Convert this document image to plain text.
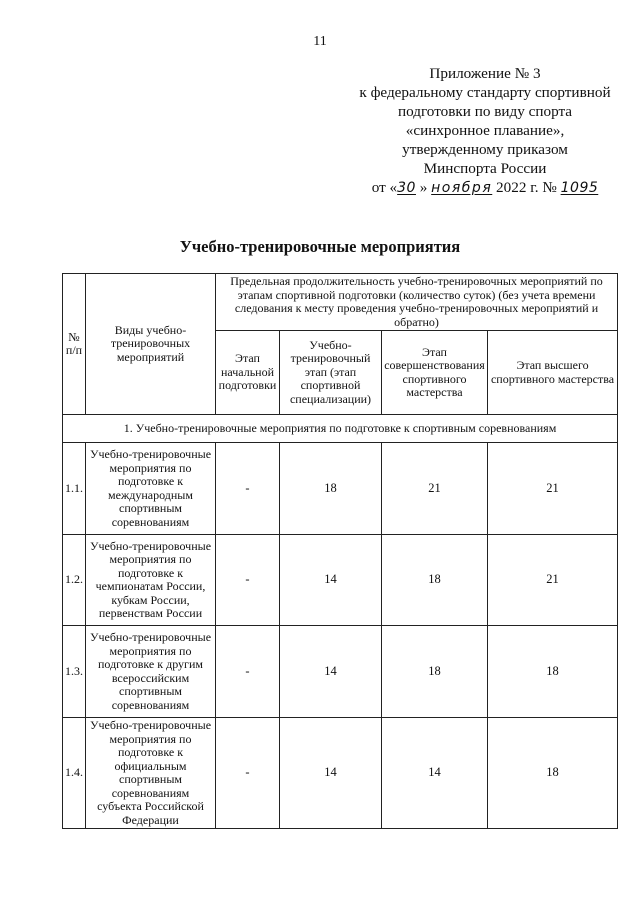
11
Приложение № 3
к федеральному стандарту спортивной
подготовки по виду спорта
«синхронное плавание»,
утвержденному приказом
Минспорта России
от «30 » ноября 2022 г. № 1095
Учебно-тренировочные мероприятия
№ п/п	Виды учебно-тренировочных мероприятий	Предельная продолжительность учебно-тренировочных мероприятий по этапам спортивной подготовки (количество суток) (без учета времени следования к месту проведения учебно-тренировочных мероприятий и обратно)			
		Этап начальной подготовки	Учебно-тренировочный этап (этап спортивной специализации)	Этап совершенствования спортивного мастерства	Этап высшего спортивного мастерства
1. Учебно-тренировочные мероприятия по подготовке к спортивным соревнованиям					
1.1.	Учебно-тренировочные мероприятия по подготовке к международным спортивным соревнованиям	-	18	21	21
1.2.	Учебно-тренировочные мероприятия по подготовке к чемпионатам России, кубкам России, первенствам России	-	14	18	21
1.3.	Учебно-тренировочные мероприятия по подготовке к другим всероссийским спортивным соревнованиям	-	14	18	18
1.4.	Учебно-тренировочные мероприятия по подготовке к официальным спортивным соревнованиям субъекта Российской Федерации	-	14	14	18
